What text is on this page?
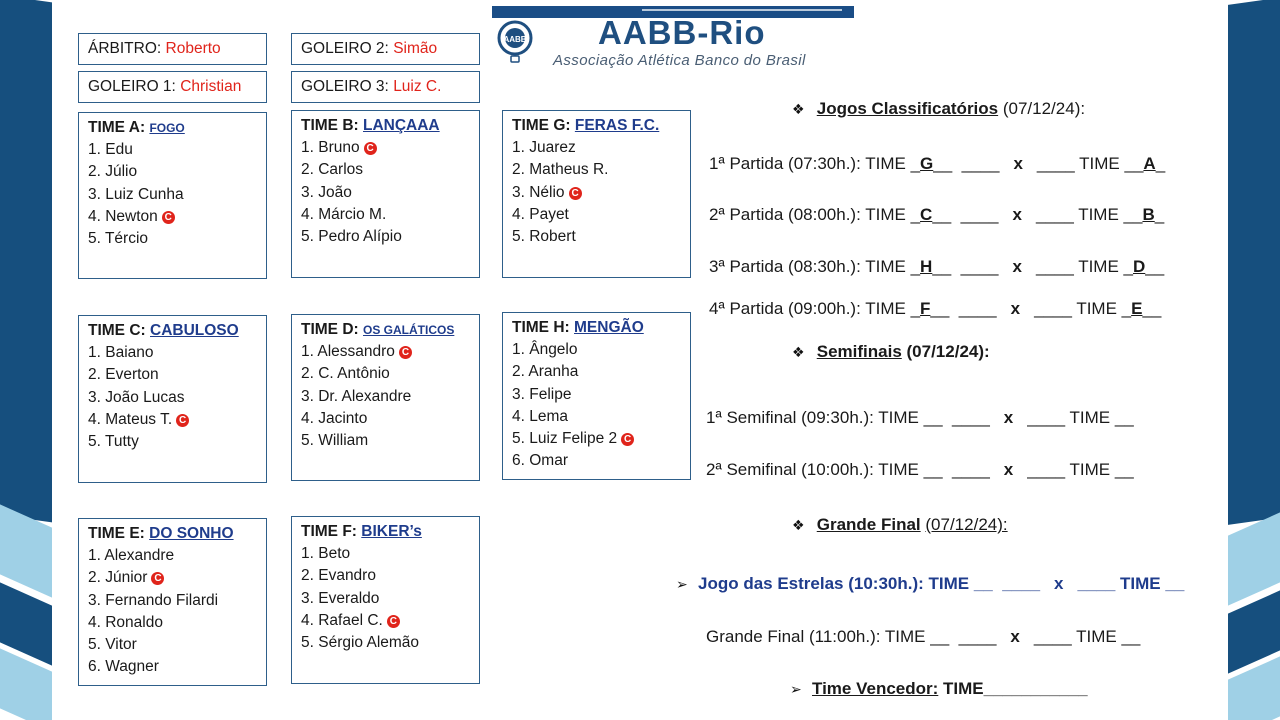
AABB AABB-Rio
Associação Atlética Banco do Brasil
ÁRBITRO: Roberto
GOLEIRO 1: Christian
GOLEIRO 2: Simão
GOLEIRO 3: Luiz C.
TIME A: FOGO
1. Edu
2. Júlio
3. Luiz Cunha
4. Newton C
5. Tércio
TIME B: LANÇAAA
1. Bruno C
2. Carlos
3. João
4. Márcio M.
5. Pedro Alípio
TIME G: FERAS F.C.
1. Juarez
2. Matheus R.
3. Nélio C
4. Payet
5. Robert
TIME C: CABULOSO
1. Baiano
2. Everton
3. João Lucas
4. Mateus T. C
5. Tutty
TIME D: OS GALÁTICOS
1. Alessandro C
2. C. Antônio
3. Dr. Alexandre
4. Jacinto
5. William
TIME H: MENGÃO
1. Ângelo
2. Aranha
3. Felipe
4. Lema
5. Luiz Felipe 2 C
6. Omar
TIME E: DO SONHO
1. Alexandre
2. Júnior C
3. Fernando Filardi
4. Ronaldo
5. Vitor
6. Wagner
TIME F: BIKER’s
1. Beto
2. Evandro
3. Everaldo
4. Rafael C. C
5. Sérgio Alemão
❖ Jogos Classificatórios (07/12/24):
1ª Partida (07:30h.): TIME _G__  ____ x ____ TIME __A_
2ª Partida (08:00h.): TIME _C__  ____ x ____ TIME __B_
3ª Partida (08:30h.): TIME _H__  ____ x ____ TIME _D__
4ª Partida (09:00h.): TIME _F__  ____ x ____ TIME _E__
❖ Semifinais (07/12/24):
1ª Semifinal (09:30h.): TIME __  ____ x ____ TIME __
2ª Semifinal (10:00h.): TIME __  ____ x ____ TIME __
❖ Grande Final (07/12/24):
➢ Jogo das Estrelas (10:30h.): TIME __  ____ x ____ TIME __
Grande Final (11:00h.): TIME __  ____ x ____ TIME __
➢ Time Vencedor: TIME___________
